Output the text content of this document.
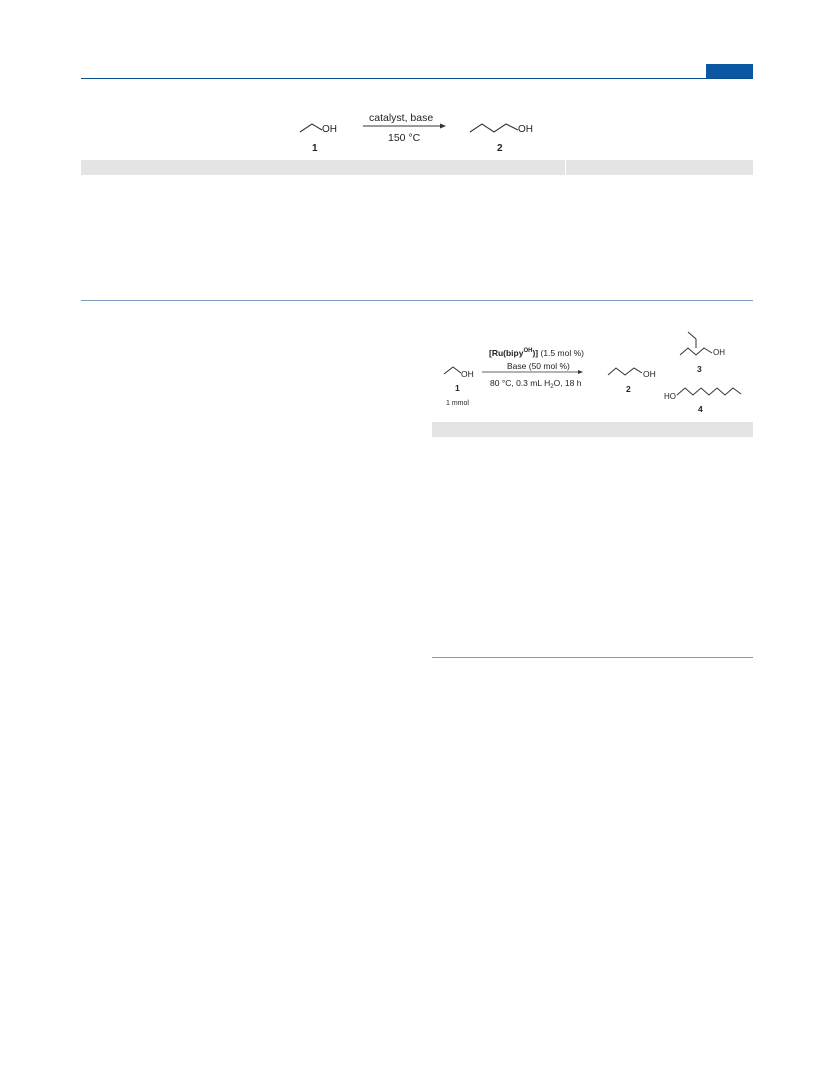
OH
1
catalyst, base
150 °C
OH
2
OH
1
1 mmol
[Ru(bipy$^{OH}$)] (1.5 mol %)
Base (50 mol %)
80 °C, 0.3 mL $H_2O$, 18 h
OH
2
OH
3
HO
4
